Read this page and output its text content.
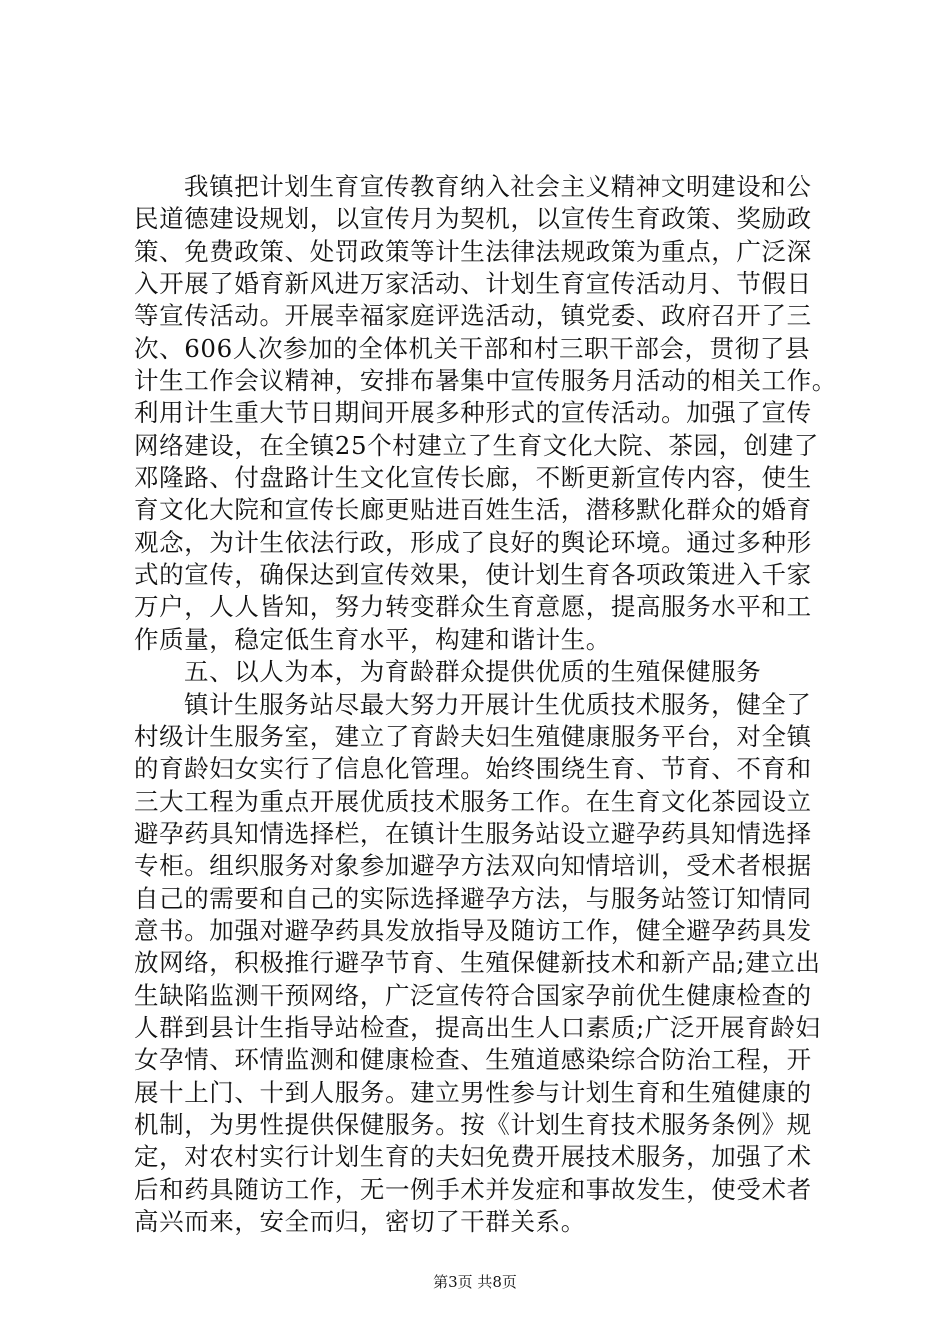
我镇把计划生育宣传教育纳入社会主义精神文明建设和公
民道德建设规划，以宣传月为契机，以宣传生育政策、奖励政
策、免费政策、处罚政策等计生法律法规政策为重点，广泛深
入开展了婚育新风进万家活动、计划生育宣传活动月、节假日
等宣传活动。开展幸福家庭评选活动，镇党委、政府召开了三
次、606人次参加的全体机关干部和村三职干部会，贯彻了县
计生工作会议精神，安排布暑集中宣传服务月活动的相关工作。
利用计生重大节日期间开展多种形式的宣传活动。加强了宣传
网络建设，在全镇25个村建立了生育文化大院、茶园，创建了
邓隆路、付盘路计生文化宣传长廊，不断更新宣传内容，使生
育文化大院和宣传长廊更贴进百姓生活，潜移默化群众的婚育
观念，为计生依法行政，形成了良好的舆论环境。通过多种形
式的宣传，确保达到宣传效果，使计划生育各项政策进入千家
万户，人人皆知，努力转变群众生育意愿，提高服务水平和工
作质量，稳定低生育水平，构建和谐计生。
五、以人为本，为育龄群众提供优质的生殖保健服务
镇计生服务站尽最大努力开展计生优质技术服务，健全了
村级计生服务室，建立了育龄夫妇生殖健康服务平台，对全镇
的育龄妇女实行了信息化管理。始终围绕生育、节育、不育和
三大工程为重点开展优质技术服务工作。在生育文化茶园设立
避孕药具知情选择栏，在镇计生服务站设立避孕药具知情选择
专柜。组织服务对象参加避孕方法双向知情培训，受术者根据
自己的需要和自己的实际选择避孕方法，与服务站签订知情同
意书。加强对避孕药具发放指导及随访工作，健全避孕药具发
放网络，积极推行避孕节育、生殖保健新技术和新产品;建立出
生缺陷监测干预网络，广泛宣传符合国家孕前优生健康检查的
人群到县计生指导站检查，提高出生人口素质;广泛开展育龄妇
女孕情、环情监测和健康检查、生殖道感染综合防治工程，开
展十上门、十到人服务。建立男性参与计划生育和生殖健康的
机制，为男性提供保健服务。按《计划生育技术服务条例》规
定，对农村实行计划生育的夫妇免费开展技术服务，加强了术
后和药具随访工作，无一例手术并发症和事故发生，使受术者
高兴而来，安全而归，密切了干群关系。
第3页 共8页
